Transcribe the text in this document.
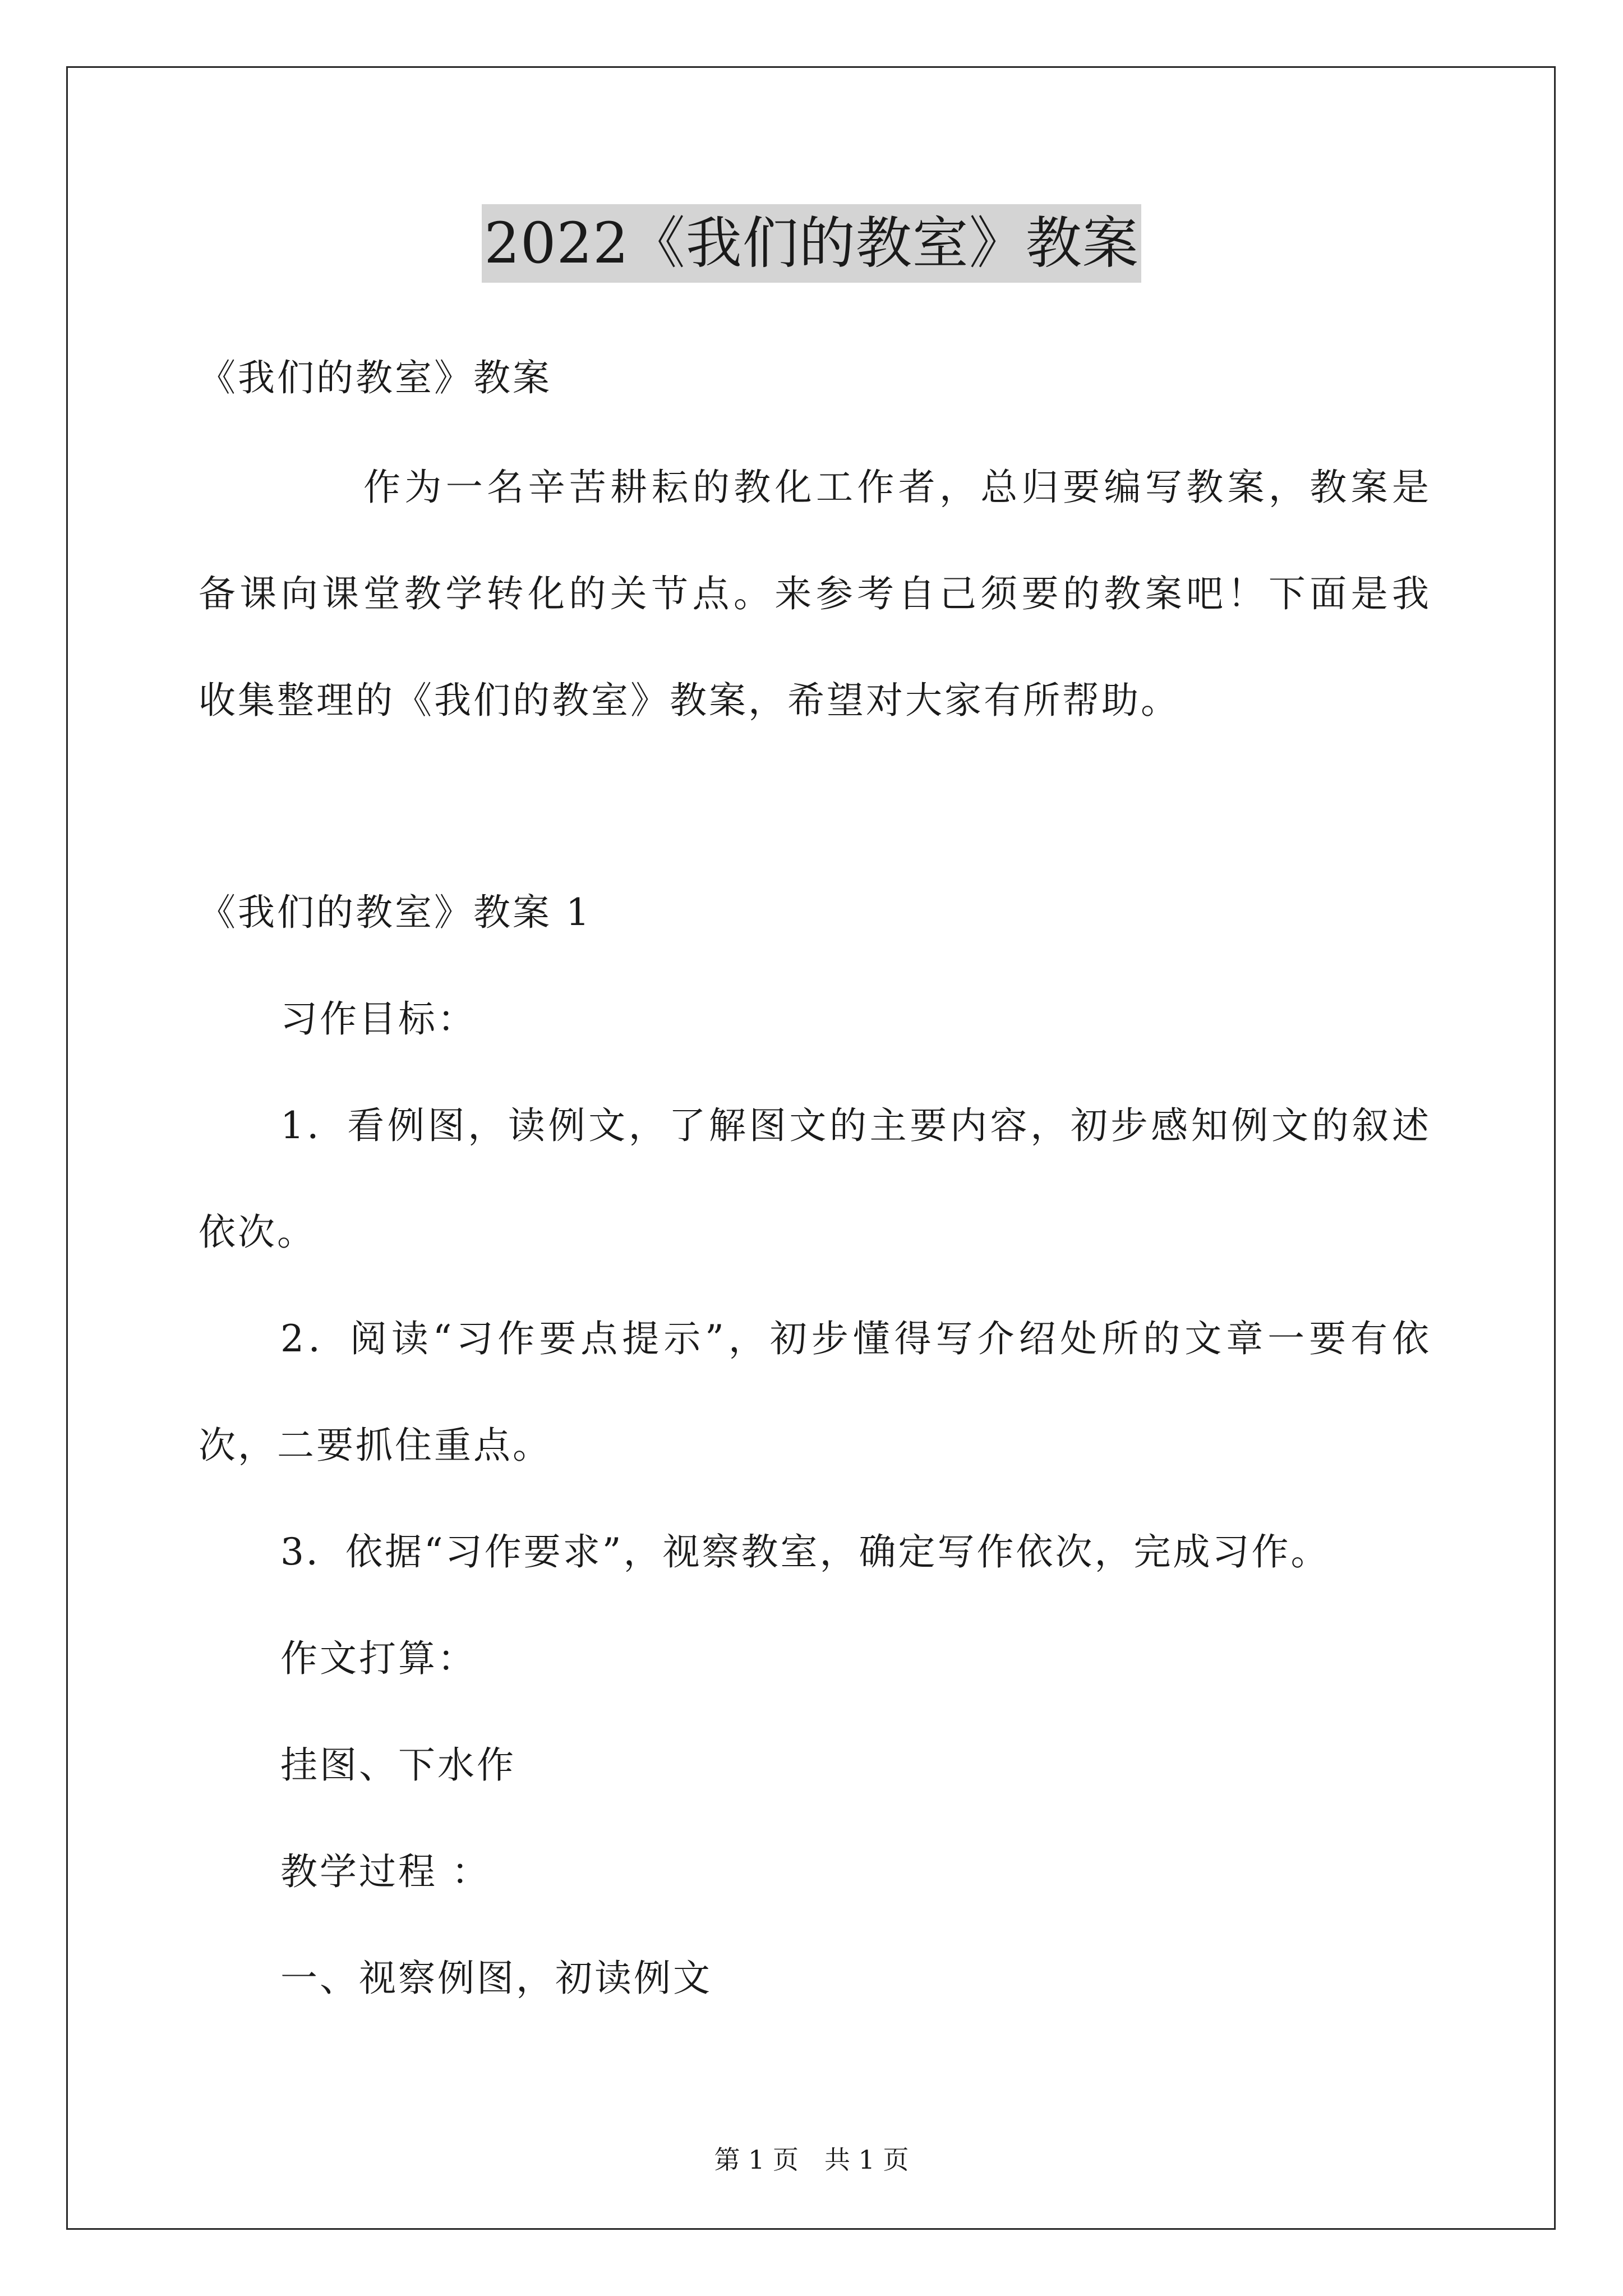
2022《我们的教室》教案
《我们的教室》教案
作为一名辛苦耕耘的教化工作者，总归要编写教案，教案是
备课向课堂教学转化的关节点。来参考自己须要的教案吧！下面是我
收集整理的《我们的教室》教案，希望对大家有所帮助。
《我们的教室》教案 1
习作目标：
1．看例图，读例文，了解图文的主要内容，初步感知例文的叙述
依次。
2．阅读“习作要点提示”，初步懂得写介绍处所的文章一要有依
次，二要抓住重点。
3．依据“习作要求”，视察教室，确定写作依次，完成习作。
作文打算：
挂图、下水作
教学过程 ：
一、视察例图，初读例文
第 1 页　共 1 页
